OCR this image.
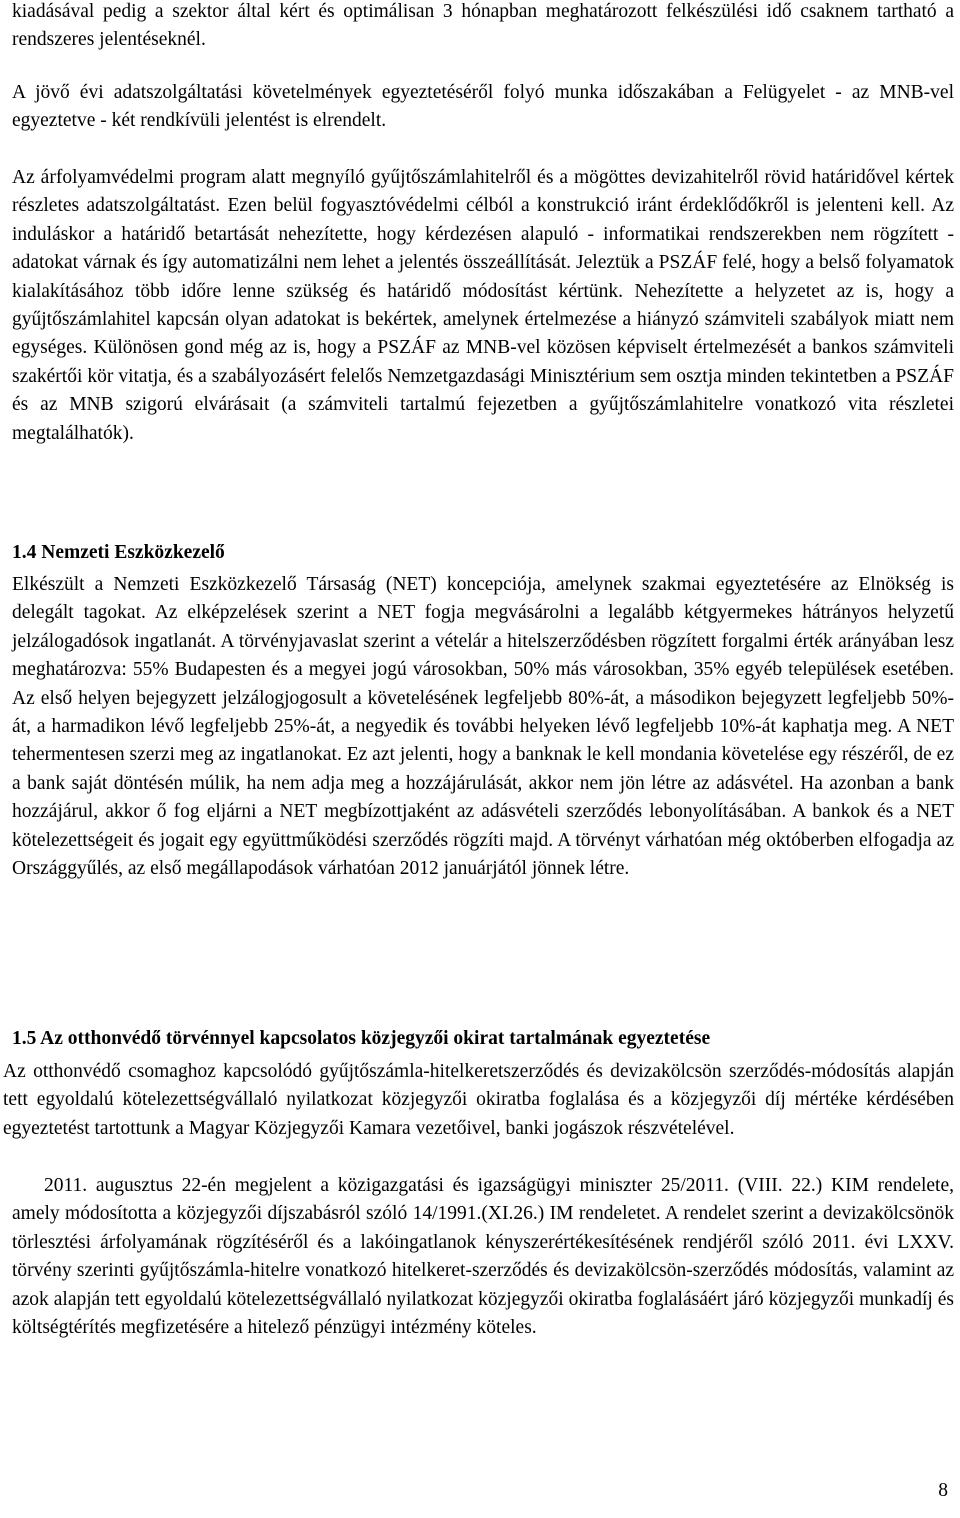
kiadásával pedig a szektor által kért és optimálisan 3 hónapban meghatározott felkészülési idő csaknem tartható a rendszeres jelentéseknél.

A jövő évi adatszolgáltatási követelmények egyeztetéséről folyó munka időszakában a Felügyelet - az MNB-vel egyeztetve - két rendkívüli jelentést is elrendelt.

Az árfolyamvédelmi program alatt megnyíló gyűjtőszámlahitelről és a mögöttes devizahitelről rövid határidővel kértek részletes adatszolgáltatást. Ezen belül fogyasztóvédelmi célból a konstrukció iránt érdeklődőkről is jelenteni kell. Az induláskor a határidő betartását nehezítette, hogy kérdezésen alapuló - informatikai rendszerekben nem rögzített - adatokat várnak és így automatizálni nem lehet a jelentés összeállítását. Jeleztük a PSZÁF felé, hogy a belső folyamatok kialakításához több időre lenne szükség és határidő módosítást kértünk. Nehezítette a helyzetet az is, hogy a gyűjtőszámlahitel kapcsán olyan adatokat is bekértek, amelynek értelmezése a hiányzó számviteli szabályok miatt nem egységes. Különösen gond még az is, hogy a PSZÁF az MNB-vel közösen képviselt értelmezését a bankos számviteli szakértői kör vitatja, és a szabályozásért felelős Nemzetgazdasági Minisztérium sem osztja minden tekintetben a PSZÁF és az MNB szigorú elvárásait (a számviteli tartalmú fejezetben a gyűjtőszámlahitelre vonatkozó vita részletei megtalálhatók).

1.4 Nemzeti Eszközkezelő

Elkészült a Nemzeti Eszközkezelő Társaság (NET) koncepciója, amelynek szakmai egyeztetésére az Elnökség is delegált tagokat. Az elképzelések szerint a NET fogja megvásárolni a legalább kétgyermekes hátrányos helyzetű jelzálogadósok ingatlanát. A törvényjavaslat szerint a vételár a hitelszerződésben rögzített forgalmi érték arányában lesz meghatározva: 55% Budapesten és a megyei jogú városokban, 50% más városokban, 35% egyéb települések esetében. Az első helyen bejegyzett jelzálogjogosult a követelésének legfeljebb 80%-át, a másodikon bejegyzett legfeljebb 50%-át, a harmadikon lévő legfeljebb 25%-át, a negyedik és további helyeken lévő legfeljebb 10%-át kaphatja meg. A NET tehermentesen szerzi meg az ingatlanokat. Ez azt jelenti, hogy a banknak le kell mondania követelése egy részéről, de ez a bank saját döntésén múlik, ha nem adja meg a hozzájárulását, akkor nem jön létre az adásvétel. Ha azonban a bank hozzájárul, akkor ő fog eljárni a NET megbízottjaként az adásvételi szerződés lebonyolításában. A bankok és a NET kötelezettségeit és jogait egy együttműködési szerződés rögzíti majd. A törvényt várhatóan még októberben elfogadja az Országgyűlés, az első megállapodások várhatóan 2012 januárjától jönnek létre.

1.5 Az otthonvédő törvénnyel kapcsolatos közjegyzői okirat tartalmának egyeztetése

Az otthonvédő csomaghoz kapcsolódó gyűjtőszámla-hitelkeretszerződés és devizakölcsön szerződés-módosítás alapján tett egyoldalú kötelezettségvállaló nyilatkozat közjegyzői okiratba foglalása és a közjegyzői díj mértéke kérdésében egyeztetést tartottunk a Magyar Közjegyzői Kamara vezetőivel, banki jogászok részvételével.

2011. augusztus 22-én megjelent a közigazgatási és igazságügyi miniszter 25/2011. (VIII. 22.) KIM rendelete, amely módosította a közjegyzői díjszabásról szóló 14/1991.(XI.26.) IM rendeletet. A rendelet szerint a devizakölcsönök törlesztési árfolyamának rögzítéséről és a lakóingatlanok kényszerértékesítésének rendjéről szóló 2011. évi LXXV. törvény szerinti gyűjtőszámla-hitelre vonatkozó hitelkeret-szerződés és devizakölcsön-szerződés módosítás, valamint az azok alapján tett egyoldalú kötelezettségvállaló nyilatkozat közjegyzői okiratba foglalásáért járó közjegyzői munkadíj és költségtérítés megfizetésére a hitelező pénzügyi intézmény köteles.

8
